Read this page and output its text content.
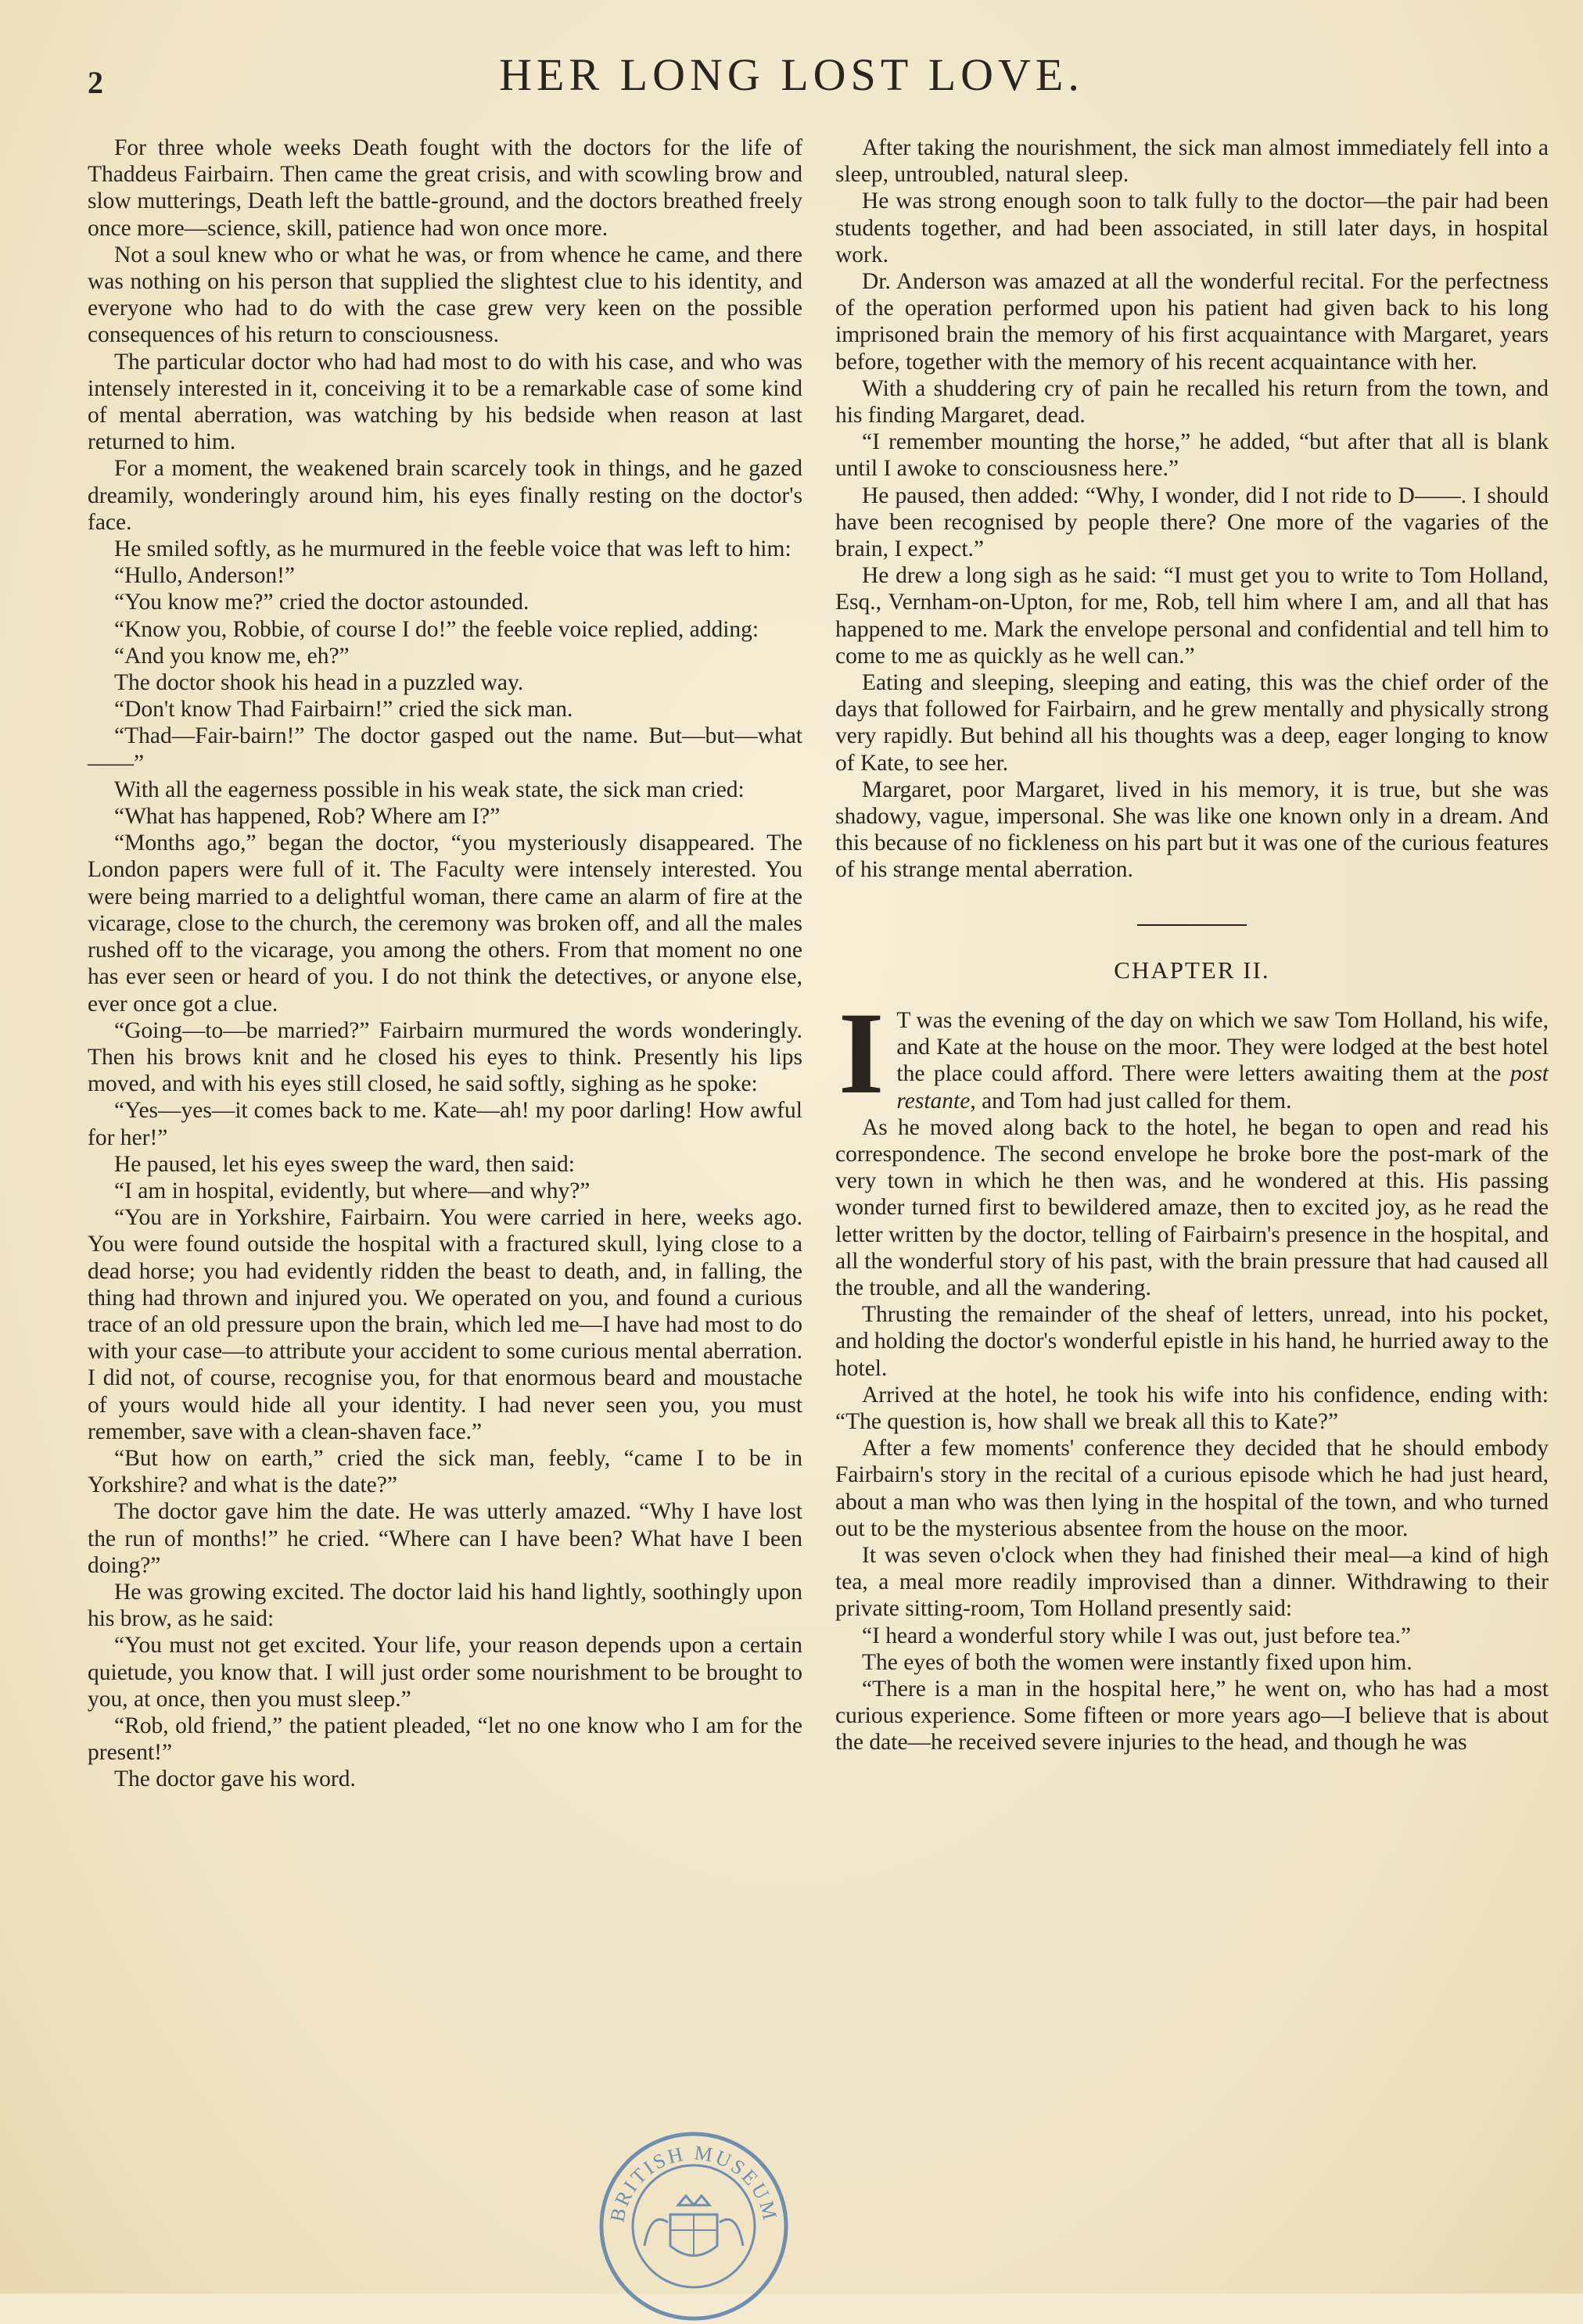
2	HER LONG LOST LOVE.

For three whole weeks Death fought with the doctors for the life of Thaddeus Fairbairn. Then came the great crisis, and with scowling brow and slow mutterings, Death left the battle-ground, and the doctors breathed freely once more—science, skill, patience had won once more.

Not a soul knew who or what he was, or from whence he came, and there was nothing on his person that supplied the slightest clue to his identity, and everyone who had to do with the case grew very keen on the possible consequences of his return to consciousness.

The particular doctor who had had most to do with his case, and who was intensely interested in it, conceiving it to be a remarkable case of some kind of mental aberration, was watching by his bedside when reason at last returned to him.

For a moment, the weakened brain scarcely took in things, and he gazed dreamily, wonderingly around him, his eyes finally resting on the doctor's face.

He smiled softly, as he murmured in the feeble voice that was left to him:

“Hullo, Anderson!”

“You know me?” cried the doctor astounded.

“Know you, Robbie, of course I do!” the feeble voice replied, adding:

“And you know me, eh?”

The doctor shook his head in a puzzled way.

“Don't know Thad Fairbairn!” cried the sick man.

“Thad—Fair-bairn!” The doctor gasped out the name. But—but—what——”

With all the eagerness possible in his weak state, the sick man cried:

“What has happened, Rob? Where am I?”

“Months ago,” began the doctor, “you mysteriously disappeared. The London papers were full of it. The Faculty were intensely interested. You were being married to a delightful woman, there came an alarm of fire at the vicarage, close to the church, the ceremony was broken off, and all the males rushed off to the vicarage, you among the others. From that moment no one has ever seen or heard of you. I do not think the detectives, or anyone else, ever once got a clue.

“Going—to—be married?” Fairbairn murmured the words wonderingly. Then his brows knit and he closed his eyes to think. Presently his lips moved, and with his eyes still closed, he said softly, sighing as he spoke:

“Yes—yes—it comes back to me. Kate—ah! my poor darling! How awful for her!”

He paused, let his eyes sweep the ward, then said:

“I am in hospital, evidently, but where—and why?”

“You are in Yorkshire, Fairbairn. You were carried in here, weeks ago. You were found outside the hospital with a fractured skull, lying close to a dead horse; you had evidently ridden the beast to death, and, in falling, the thing had thrown and injured you. We operated on you, and found a curious trace of an old pressure upon the brain, which led me—I have had most to do with your case—to attribute your accident to some curious mental aberration. I did not, of course, recognise you, for that enormous beard and moustache of yours would hide all your identity. I had never seen you, you must remember, save with a clean-shaven face.”

“But how on earth,” cried the sick man, feebly, “came I to be in Yorkshire? and what is the date?”

The doctor gave him the date. He was utterly amazed. “Why I have lost the run of months!” he cried. “Where can I have been? What have I been doing?”

He was growing excited. The doctor laid his hand lightly, soothingly upon his brow, as he said:

“You must not get excited. Your life, your reason depends upon a certain quietude, you know that. I will just order some nourishment to be brought to you, at once, then you must sleep.”

“Rob, old friend,” the patient pleaded, “let no one know who I am for the present!”

The doctor gave his word.

After taking the nourishment, the sick man almost immediately fell into a sleep, untroubled, natural sleep.

He was strong enough soon to talk fully to the doctor—the pair had been students together, and had been associated, in still later days, in hospital work.

Dr. Anderson was amazed at all the wonderful recital. For the perfectness of the operation performed upon his patient had given back to his long imprisoned brain the memory of his first acquaintance with Margaret, years before, together with the memory of his recent acquaintance with her.

With a shuddering cry of pain he recalled his return from the town, and his finding Margaret, dead.

“I remember mounting the horse,” he added, “but after that all is blank until I awoke to consciousness here.”

He paused, then added: “Why, I wonder, did I not ride to D——. I should have been recognised by people there? One more of the vagaries of the brain, I expect.”

He drew a long sigh as he said: “I must get you to write to Tom Holland, Esq., Vernham-on-Upton, for me, Rob, tell him where I am, and all that has happened to me. Mark the envelope personal and confidential and tell him to come to me as quickly as he well can.”

Eating and sleeping, sleeping and eating, this was the chief order of the days that followed for Fairbairn, and he grew mentally and physically strong very rapidly. But behind all his thoughts was a deep, eager longing to know of Kate, to see her.

Margaret, poor Margaret, lived in his memory, it is true, but she was shadowy, vague, impersonal. She was like one known only in a dream. And this because of no fickleness on his part but it was one of the curious features of his strange mental aberration.

CHAPTER II.
I T was the evening of the day on which we saw Tom Holland, his wife, and Kate at the house on the moor. They were lodged at the best hotel the place could afford. There were letters awaiting them at the post restante, and Tom had just called for them.

As he moved along back to the hotel, he began to open and read his correspondence. The second envelope he broke bore the post-mark of the very town in which he then was, and he wondered at this. His passing wonder turned first to bewildered amaze, then to excited joy, as he read the letter written by the doctor, telling of Fairbairn's presence in the hospital, and all the wonderful story of his past, with the brain pressure that had caused all the trouble, and all the wandering.

Thrusting the remainder of the sheaf of letters, unread, into his pocket, and holding the doctor's wonderful epistle in his hand, he hurried away to the hotel.

Arrived at the hotel, he took his wife into his confidence, ending with: “The question is, how shall we break all this to Kate?”

After a few moments' conference they decided that he should embody Fairbairn's story in the recital of a curious episode which he had just heard, about a man who was then lying in the hospital of the town, and who turned out to be the mysterious absentee from the house on the moor.

It was seven o'clock when they had finished their meal—a kind of high tea, a meal more readily improvised than a dinner. Withdrawing to their private sitting-room, Tom Holland presently said:

“I heard a wonderful story while I was out, just before tea.”

The eyes of both the women were instantly fixed upon him.

“There is a man in the hospital here,” he went on, who has had a most curious experience. Some fifteen or more years ago—I believe that is about the date—he received severe injuries to the head, and though he was

BRITISH MUSEUM
